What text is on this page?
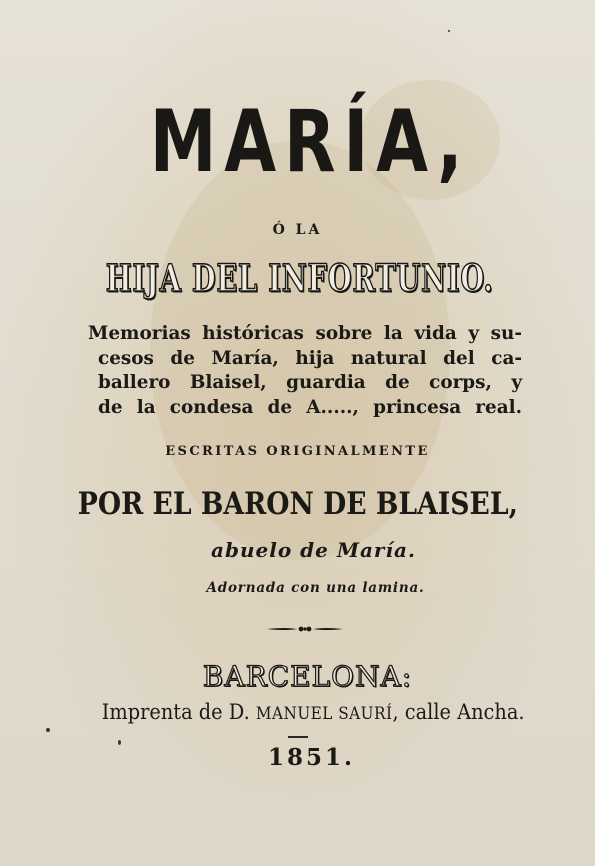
MARÍA,
Ó LA
HIJA DEL INFORTUNIO.
Memorias históricas sobre la vida y su-
cesos de María, hija natural del ca-
ballero Blaisel, guardia de corps, y
de la condesa de A....., princesa real.
ESCRITAS ORIGINALMENTE
POR EL BARON DE BLAISEL,
abuelo de María.
Adornada con una lamina.
BARCELONA:
Imprenta de D. MANUEL SAURÍ, calle Ancha.
1851.
